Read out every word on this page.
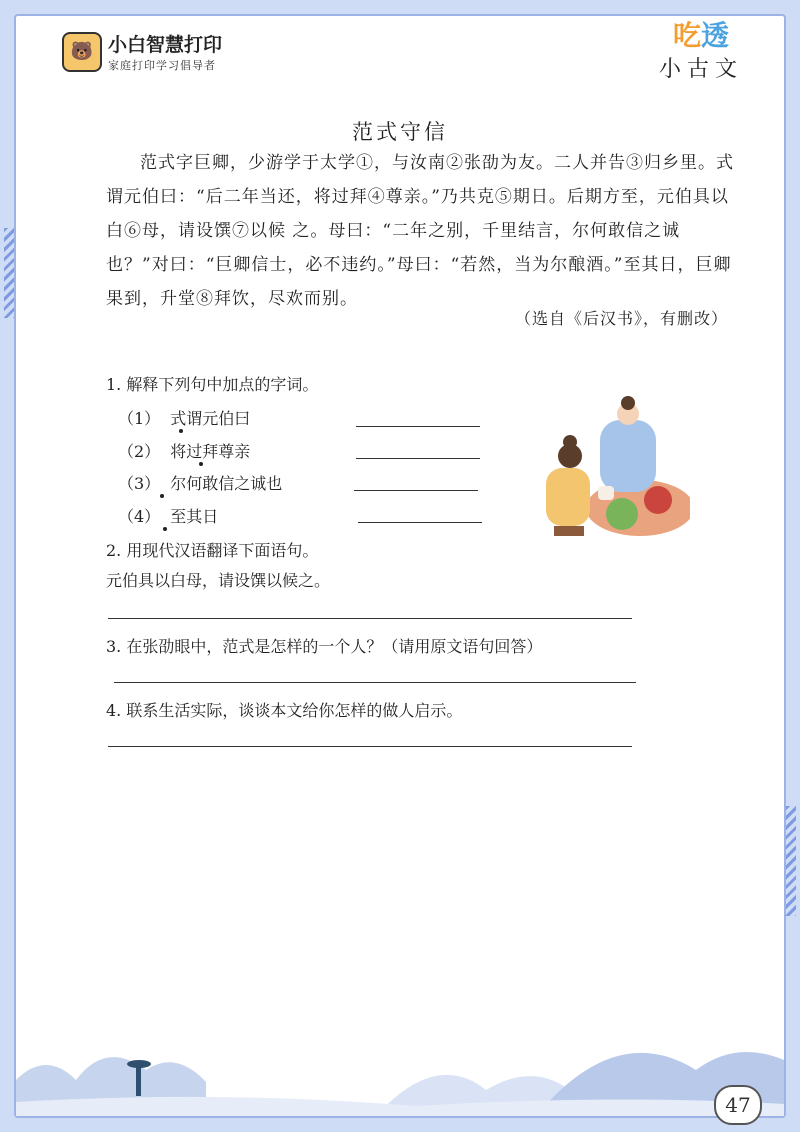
🐻 小白智慧打印
家庭打印学习倡导者
吃透
小古文
范式守信

范式字巨卿，少游学于太学①，与汝南②张劭为友。二人并告③归乡里。式谓元伯曰：“后二年当还，将过拜④尊亲。”乃共克⑤期日。后期方至，元伯具以白⑥母，请设馔⑦以候 之。母曰：“二年之别，千里结言，尔何敢信之诚也？”对曰：“巨卿信士，必不违约。”母曰：“若然，当为尔酿酒。”至其日，巨卿果到，升堂⑧拜饮，尽欢而别。

（选自《后汉书》，有删改）
1. 解释下列句中加点的字词。
（1） 式谓元伯曰
（2） 将过拜尊亲
（3） 尔何敢信之诚也
（4） 至其日
2. 用现代汉语翻译下面语句。
元伯具以白母，请设馔以候之。
3. 在张劭眼中，范式是怎样的一个人？（请用原文语句回答）
4. 联系生活实际，谈谈本文给你怎样的做人启示。
47
